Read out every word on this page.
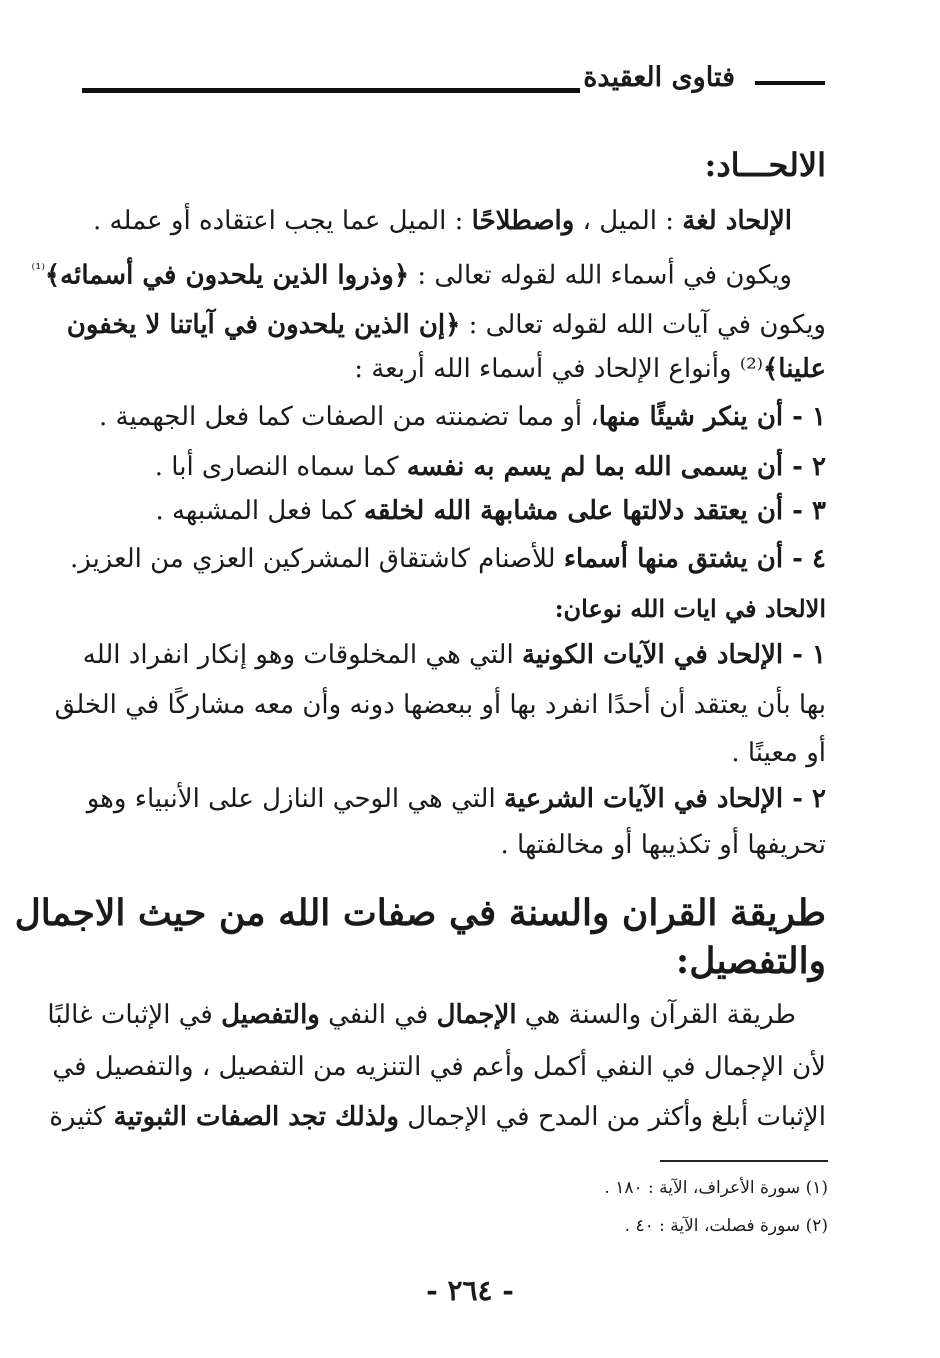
فتاوى العقيدة
الالحـــاد:
الإلحاد لغة : الميل ، واصطلاحًا : الميل عما يجب اعتقاده أو عمله .
ويكون في أسماء الله لقوله تعالى : ﴿وذروا الذين يلحدون في أسمائه﴾$^{^{(1)}}$
ويكون في آيات الله لقوله تعالى : ﴿إن الذين يلحدون في آياتنا لا يخفون
علينا﴾⁽²⁾ وأنواع الإلحاد في أسماء الله أربعة :
١ - أن ينكر شيئًا منها، أو مما تضمنته من الصفات كما فعل الجهمية .
٢ - أن يسمى الله بما لم يسم به نفسه كما سماه النصارى أبا .
٣ - أن يعتقد دلالتها على مشابهة الله لخلقه كما فعل المشبهه .
٤ - أن يشتق منها أسماء للأصنام كاشتقاق المشركين العزي من العزيز.
الالحاد في ايات الله نوعان:
١ - الإلحاد في الآيات الكونية التي هي المخلوقات وهو إنكار انفراد الله
بها بأن يعتقد أن أحدًا انفرد بها أو ببعضها دونه وأن معه مشاركًا في الخلق
أو معينًا .
٢ - الإلحاد في الآيات الشرعية التي هي الوحي النازل على الأنبياء وهو
تحريفها أو تكذيبها أو مخالفتها .
طريقة القران والسنة في صفات الله من حيث الاجمال
والتفصيل:
طريقة القرآن والسنة هي الإجمال في النفي والتفصيل في الإثبات غالبًا
لأن الإجمال في النفي أكمل وأعم في التنزيه من التفصيل ، والتفصيل في
الإثبات أبلغ وأكثر من المدح في الإجمال ولذلك تجد الصفات الثبوتية كثيرة
(١) سورة الأعراف، الآية : ١٨٠ .
(٢) سورة فصلت، الآية : ٤٠ .
- ٢٦٤ -
